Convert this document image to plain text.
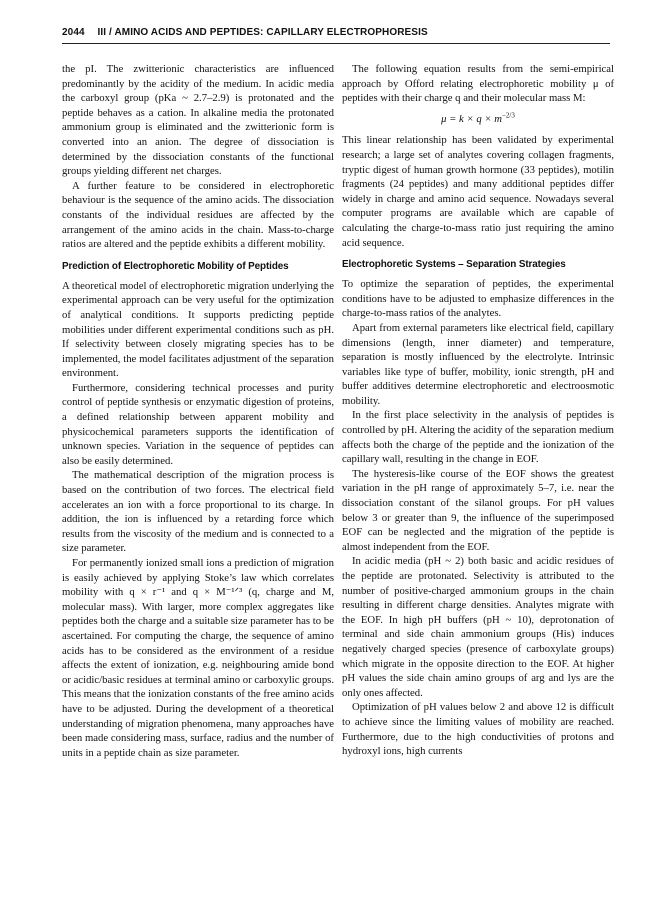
2044 III / AMINO ACIDS AND PEPTIDES: CAPILLARY ELECTROPHORESIS

the pI. The zwitterionic characteristics are influenced predominantly by the acidity of the medium. In acidic media the carboxyl group (pKa ~ 2.7–2.9) is protonated and the peptide behaves as a cation. In alkaline media the protonated ammonium group is eliminated and the zwitterionic form is converted into an anion. The degree of dissociation is determined by the dissociation constants of the functional groups yielding different net charges.

A further feature to be considered in electrophoretic behaviour is the sequence of the amino acids. The dissociation constants of the individual residues are affected by the arrangement of the amino acids in the chain. Mass-to-charge ratios are altered and the peptide exhibits a different mobility.

Prediction of Electrophoretic Mobility of Peptides

A theoretical model of electrophoretic migration underlying the experimental approach can be very useful for the optimization of analytical conditions. It supports predicting peptide mobilities under different experimental conditions such as pH. If selectivity between closely migrating species has to be implemented, the model facilitates adjustment of the separation environment.

Furthermore, considering technical processes and purity control of peptide synthesis or enzymatic digestion of proteins, a defined relationship between apparent mobility and physicochemical parameters supports the identification of unknown species. Variation in the sequence of peptides can also be easily determined.

The mathematical description of the migration process is based on the contribution of two forces. The electrical field accelerates an ion with a force proportional to its charge. In addition, the ion is influenced by a retarding force which results from the viscosity of the medium and is connected to a size parameter.

For permanently ionized small ions a prediction of migration is easily achieved by applying Stoke’s law which correlates mobility with q × r⁻¹ and q × M⁻¹ᐟ³ (q, charge and M, molecular mass). With larger, more complex aggregates like peptides both the charge and a suitable size parameter has to be ascertained. For computing the charge, the sequence of amino acids has to be considered as the environment of a residue affects the extent of ionization, e.g. neighbouring amide bond or acidic/basic residues at terminal amino or carboxylic groups. This means that the ionization constants of the free amino acids have to be adjusted. During the development of a theoretical understanding of migration phenomena, many approaches have been made considering mass, surface, radius and the number of units in a peptide chain as size parameter.

The following equation results from the semi-empirical approach by Offord relating electrophoretic mobility μ of peptides with their charge q and their molecular mass M:

$\mu = k \times q \times m^{-2/3}$

This linear relationship has been validated by experimental research; a large set of analytes covering collagen fragments, tryptic digest of human growth hormone (33 peptides), motilin fragments (24 peptides) and many additional peptides differ widely in charge and amino acid sequence. Nowadays several computer programs are available which are capable of calculating the charge-to-mass ratio just requiring the amino acid sequence.

Electrophoretic Systems – Separation Strategies

To optimize the separation of peptides, the experimental conditions have to be adjusted to emphasize differences in the charge-to-mass ratios of the analytes.

Apart from external parameters like electrical field, capillary dimensions (length, inner diameter) and temperature, separation is mostly influenced by the electrolyte. Intrinsic variables like type of buffer, mobility, ionic strength, pH and buffer additives determine electrophoretic and electroosmotic mobility.

In the first place selectivity in the analysis of peptides is controlled by pH. Altering the acidity of the separation medium affects both the charge of the peptide and the ionization of the capillary wall, resulting in the change in EOF.

The hysteresis-like course of the EOF shows the greatest variation in the pH range of approximately 5–7, i.e. near the dissociation constant of the silanol groups. For pH values below 3 or greater than 9, the influence of the superimposed EOF can be neglected and the migration of the peptide is almost independent from the EOF.

In acidic media (pH ~ 2) both basic and acidic residues of the peptide are protonated. Selectivity is attributed to the number of positive-charged ammonium groups in the chain resulting in different charge densities. Analytes migrate with the EOF. In high pH buffers (pH ~ 10), deprotonation of terminal and side chain ammonium groups (His) induces negatively charged species (presence of carboxylate groups) which migrate in the opposite direction to the EOF. At higher pH values the side chain amino groups of arg and lys are the only ones affected.

Optimization of pH values below 2 and above 12 is difficult to achieve since the limiting values of mobility are reached. Furthermore, due to the high conductivities of protons and hydroxyl ions, high currents
